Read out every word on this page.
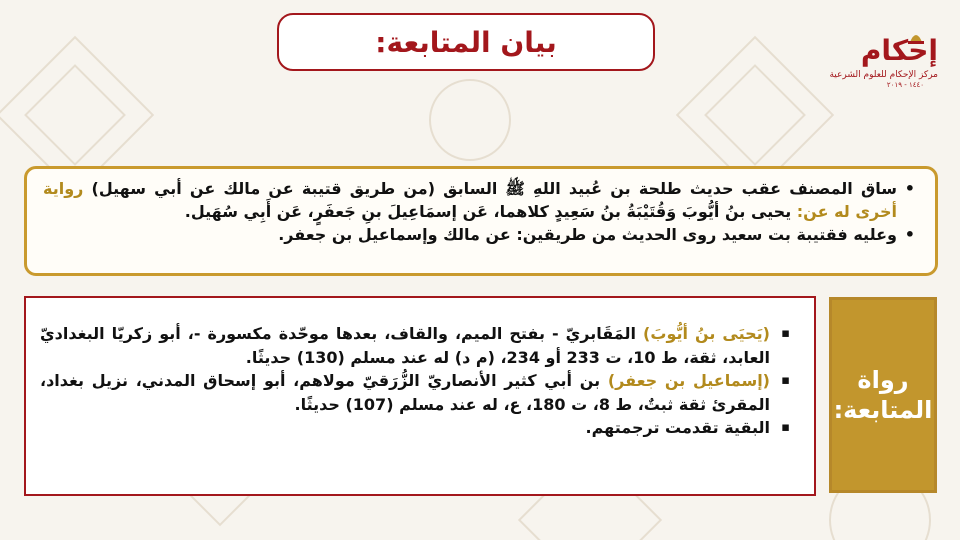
بيان المتابعة:	إحكام
مركز الإحكام للعلوم الشرعية
١٤٤٠ - ٢٠١٩
• ساق المصنف عقب حديث طلحة بن عُبيد اللهِ ﷺ السابق (من طريق قتيبة عن مالك عن أبي سهيل) رواية أخرى له عن: يحيى بنُ أيُّوبَ وَقُتَيْبَةُ بنُ سَعِيدٍ كلاهما، عَن إسمَاعِيلَ بنِ جَعفَرٍ، عَن أَبِي سُهَيل.
• وعليه فقتيبة بت سعيد روى الحديث من طريقين: عن مالك وإسماعيل بن جعفر.
▪ (يَحيَى بنُ أيُّوبَ) المَقَابريّ - بفتح الميم، والقاف، بعدها موحّدة مكسورة -، أبو زكريّا البغداديّ العابد، ثقة، ط 10، ت 233 أو 234، (م د) له عند مسلم (130) حديثًا.
▪ (إسماعيل بن جعفر) بن أبي كثير الأنصاريّ الزُّرَقيّ مولاهم، أبو إسحاق المدني، نزيل بغداد، المقرئ ثقة ثبتٌ، ط 8، ت 180، ع، له عند مسلم (107) حديثًا.
▪ البقية تقدمت ترجمتهم.
رواة
المتابعة:
